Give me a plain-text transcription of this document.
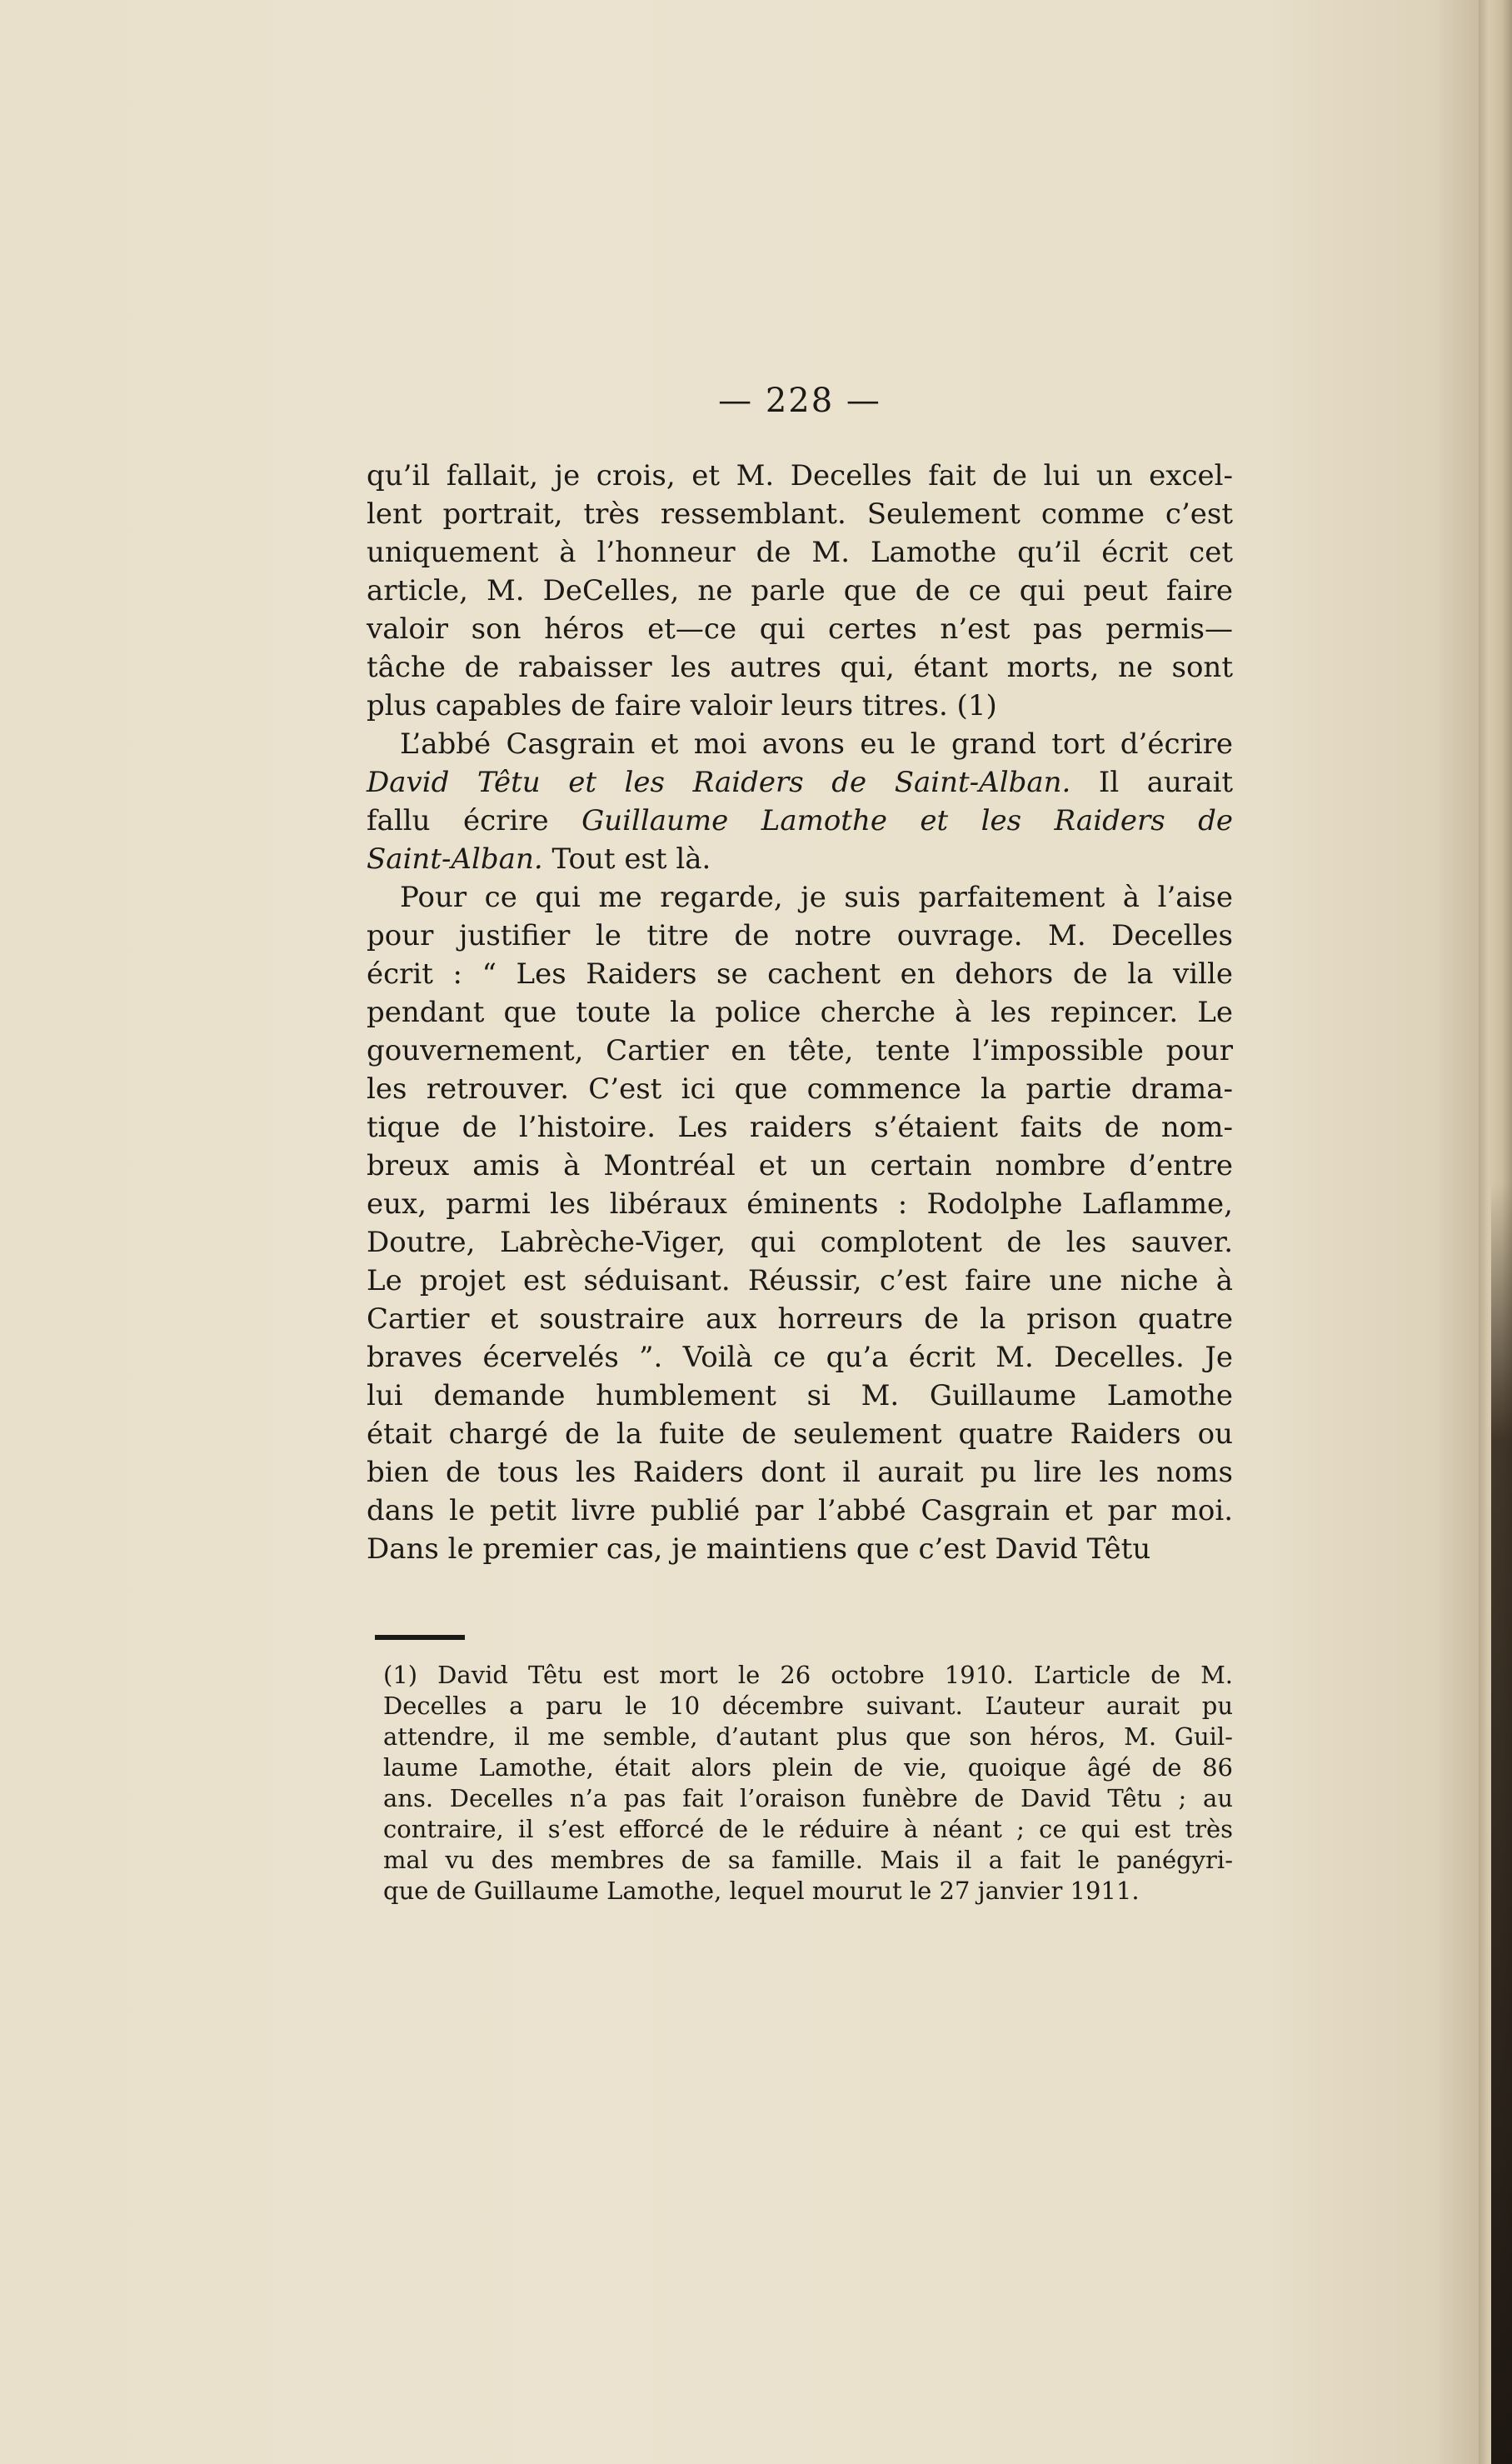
— 228 —
qu’il fallait, je crois, et M. Decelles fait de lui un excel-
lent portrait, très ressemblant. Seulement comme c’est
uniquement à l’honneur de M. Lamothe qu’il écrit cet
article, M. DeCelles, ne parle que de ce qui peut faire
valoir son héros et—ce qui certes n’est pas permis—
tâche de rabaisser les autres qui, étant morts, ne sont
plus capables de faire valoir leurs titres. (1)
L’abbé Casgrain et moi avons eu le grand tort d’écrire
David Têtu et les Raiders de Saint-Alban. Il aurait
fallu écrire Guillaume Lamothe et les Raiders de
Saint-Alban. Tout est là.
Pour ce qui me regarde, je suis parfaitement à l’aise
pour justifier le titre de notre ouvrage. M. Decelles
écrit : “ Les Raiders se cachent en dehors de la ville
pendant que toute la police cherche à les repincer. Le
gouvernement, Cartier en tête, tente l’impossible pour
les retrouver. C’est ici que commence la partie drama-
tique de l’histoire. Les raiders s’étaient faits de nom-
breux amis à Montréal et un certain nombre d’entre
eux, parmi les libéraux éminents : Rodolphe Laflamme,
Doutre, Labrèche-Viger, qui complotent de les sauver.
Le projet est séduisant. Réussir, c’est faire une niche à
Cartier et soustraire aux horreurs de la prison quatre
braves écervelés ”. Voilà ce qu’a écrit M. Decelles. Je
lui demande humblement si M. Guillaume Lamothe
était chargé de la fuite de seulement quatre Raiders ou
bien de tous les Raiders dont il aurait pu lire les noms
dans le petit livre publié par l’abbé Casgrain et par moi.
Dans le premier cas, je maintiens que c’est David Têtu
(1) David Têtu est mort le 26 octobre 1910. L’article de M.
Decelles a paru le 10 décembre suivant. L’auteur aurait pu
attendre, il me semble, d’autant plus que son héros, M. Guil-
laume Lamothe, était alors plein de vie, quoique âgé de 86
ans. Decelles n’a pas fait l’oraison funèbre de David Têtu ; au
contraire, il s’est efforcé de le réduire à néant ; ce qui est très
mal vu des membres de sa famille. Mais il a fait le panégyri-
que de Guillaume Lamothe, lequel mourut le 27 janvier 1911.
